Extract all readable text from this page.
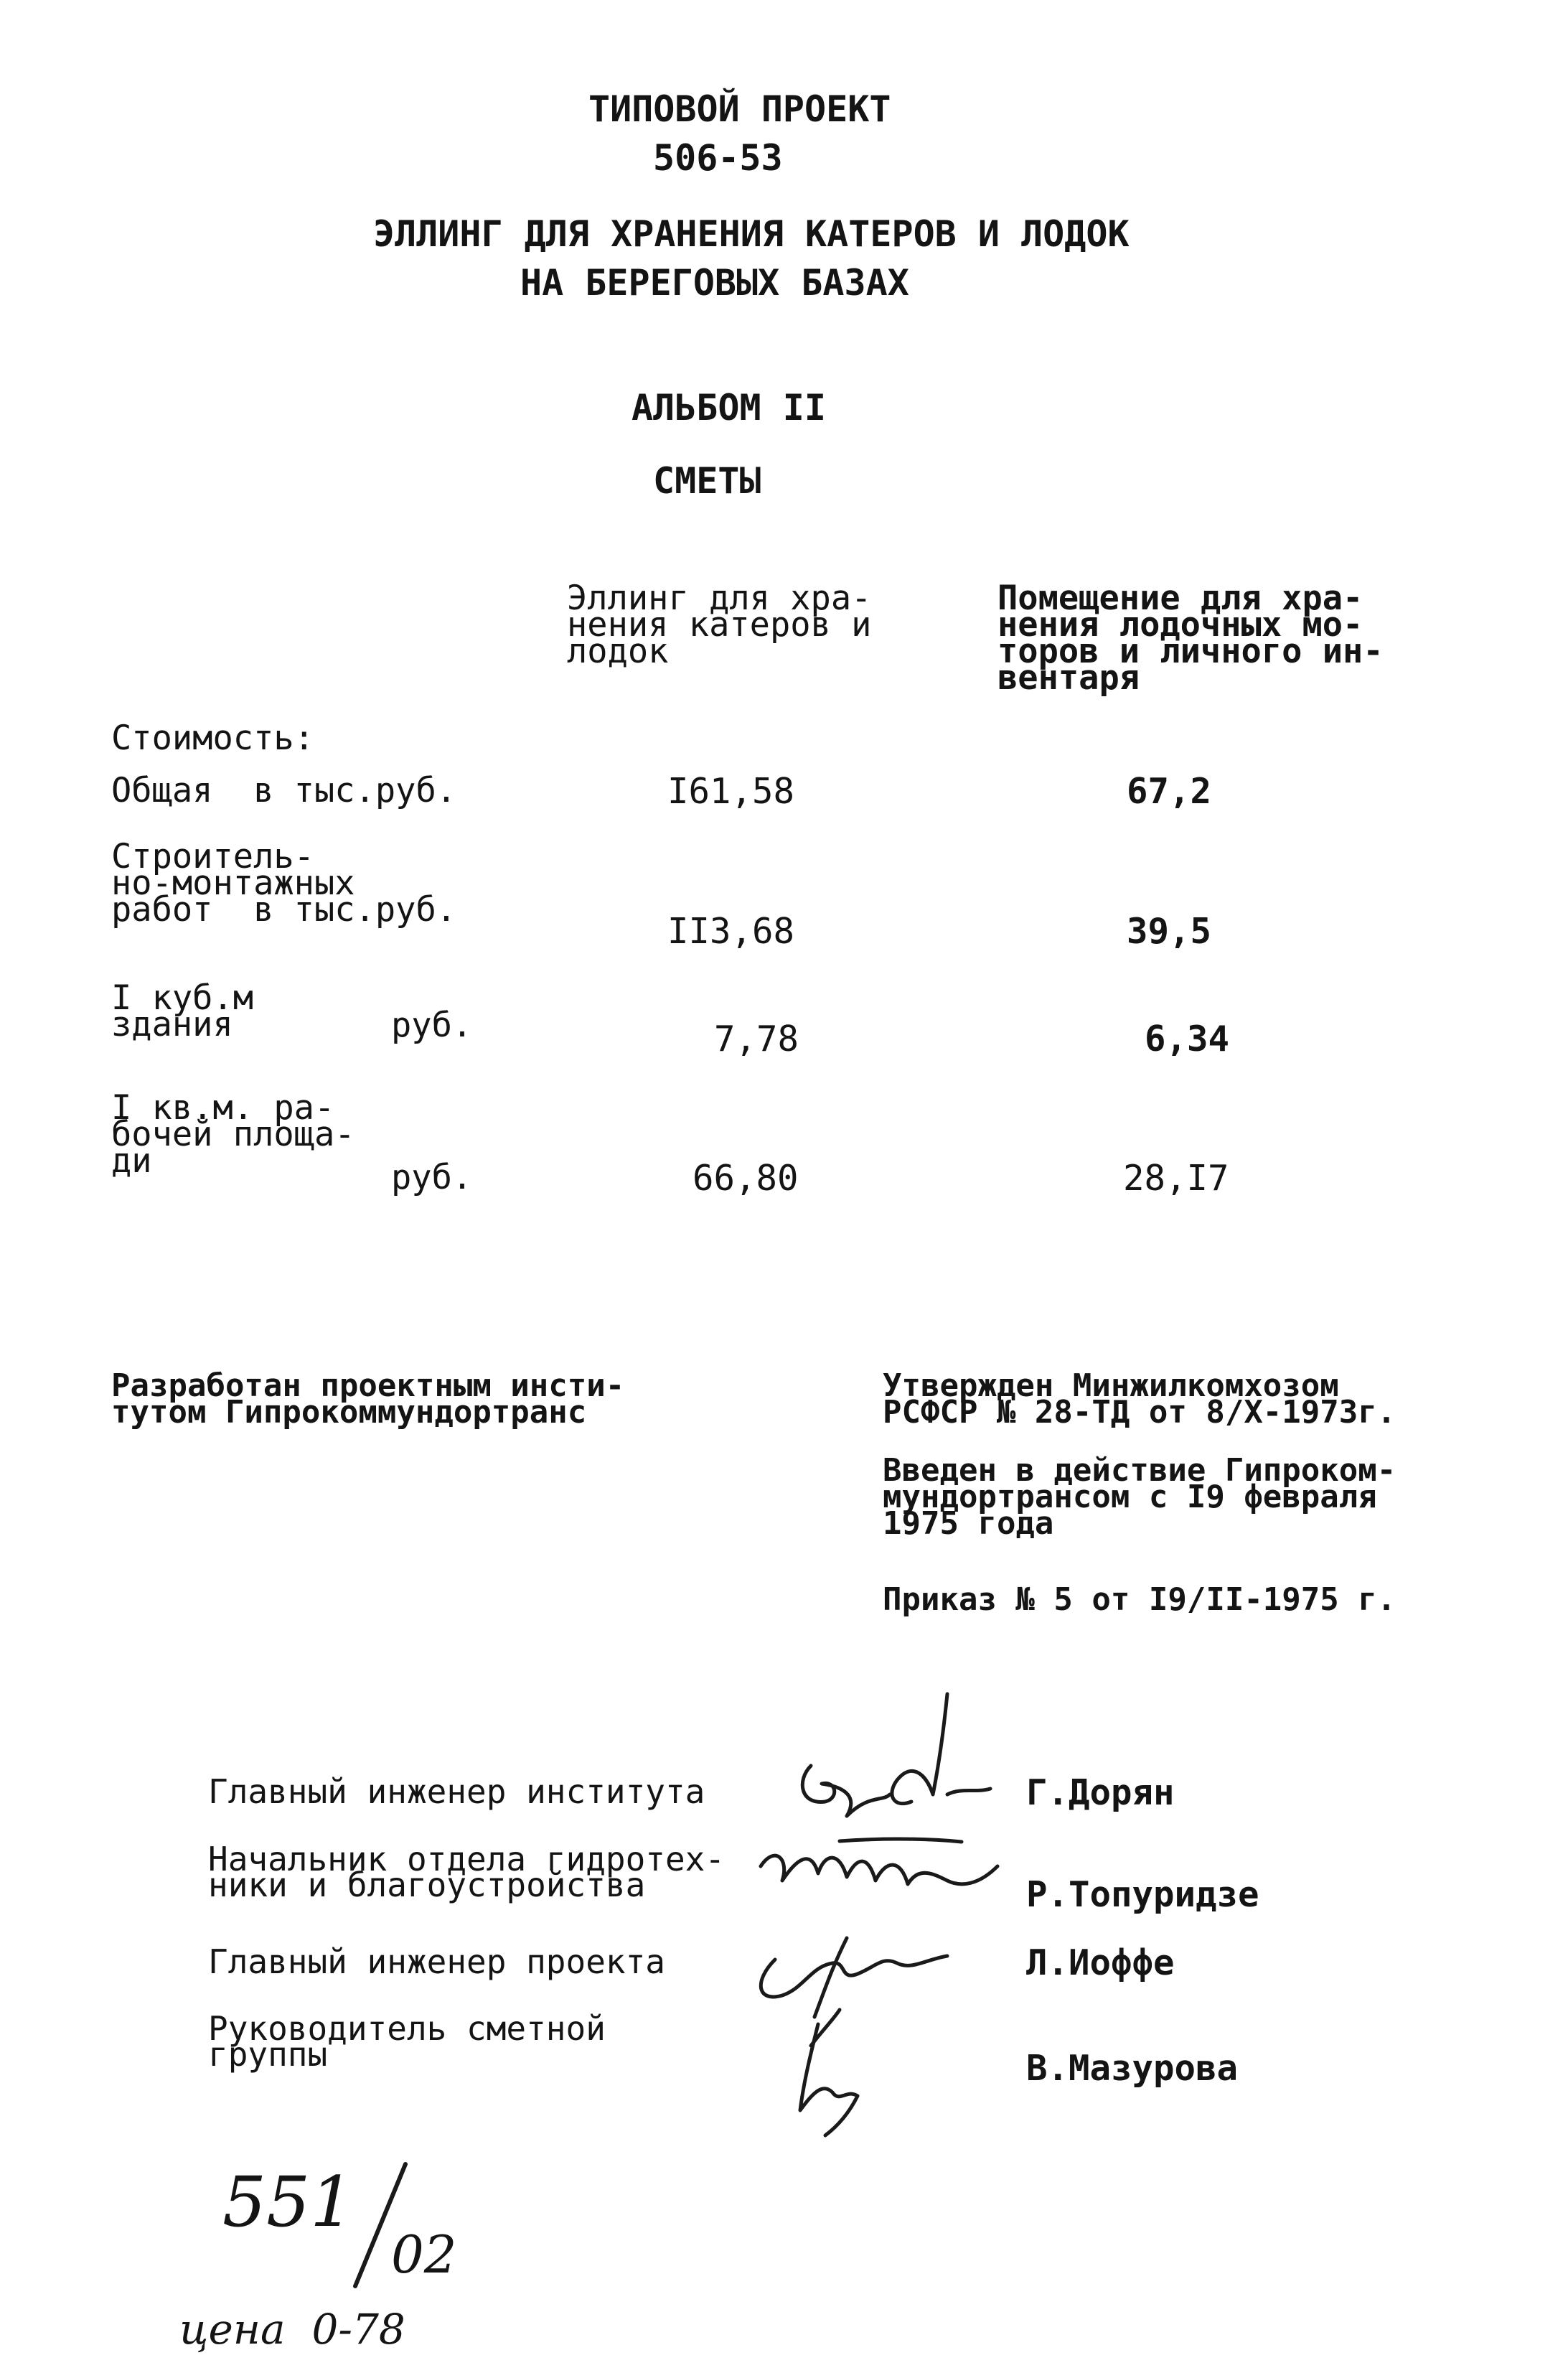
ТИПОВОЙ ПРОЕКТ
506-53
ЭЛЛИНГ ДЛЯ ХРАНЕНИЯ КАТЕРОВ И ЛОДОК
НА БЕРЕГОВЫХ БАЗАХ
АЛЬБОМ II
СМЕТЫ
Эллинг для хра-
нения катеров и
лодок
Помещение для хра-
нения лодочных мо-
торов и личного ин-
вентаря
Стоимость:
Общая  в тыс.руб.	I61,58	67,2
Строитель-
но-монтажных
работ  в тыс.руб.
II3,68	39,5
I куб.м
здания	руб.	7,78	6,34
I кв.м. ра-
бочей площа-
ди	руб.	66,80	28,I7
Разработан проектным инсти-
тутом Гипрокоммундортранс
Утвержден Минжилкомхозом
РСФСР № 28-ТД от 8/X-1973г.
Введен в действие Гипроком-
мундортрансом с I9 февраля
1975 года
Приказ № 5 от I9/II-1975 г.
Главный инженер института	Г.Дорян
Начальник отдела гидротех-
ники и благоустройства	Р.Топуридзе
Главный инженер проекта	Л.Иоффе
Руководитель сметной
группы	В.Мазурова
551
02
цена  0-78
